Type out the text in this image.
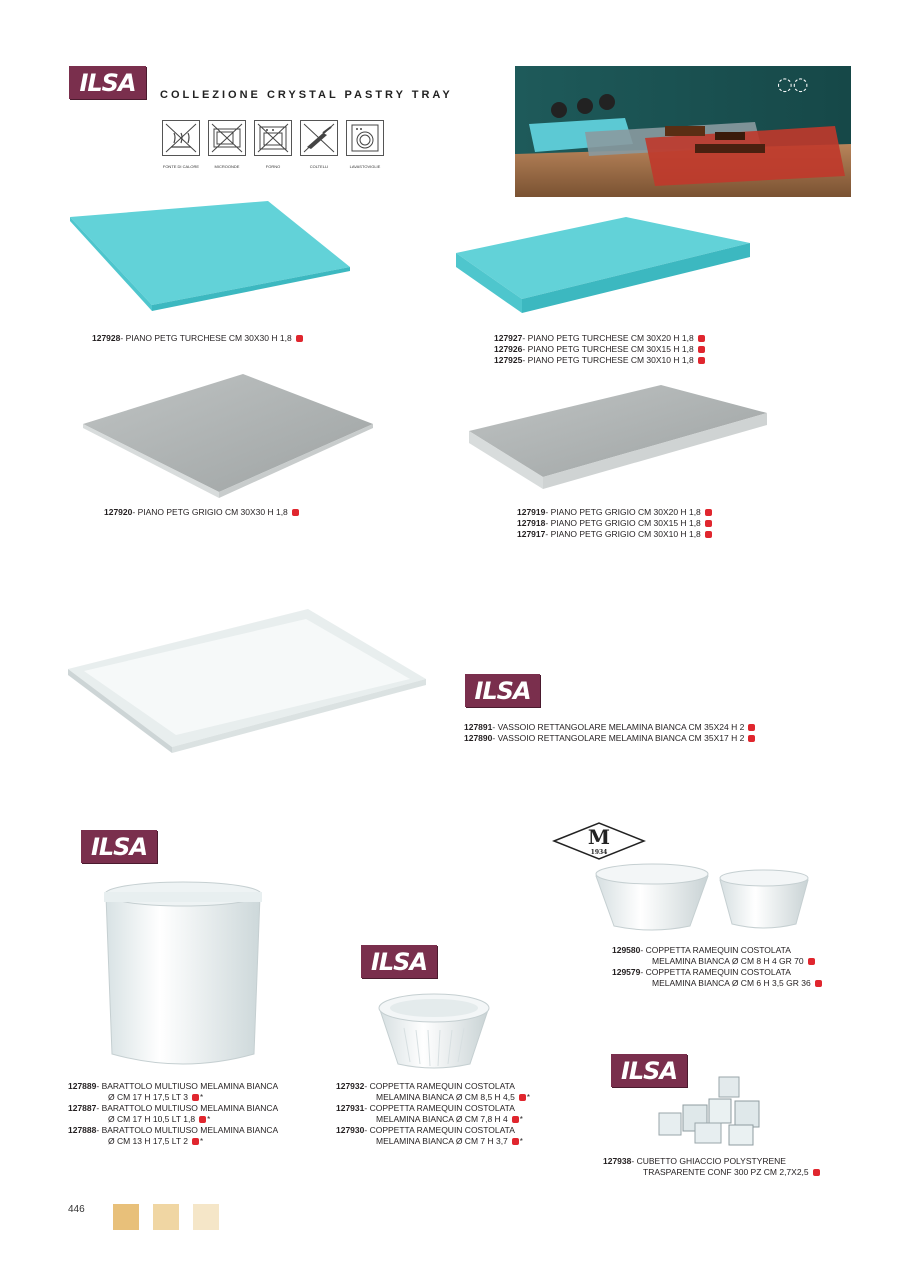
ILSA COLLEZIONE CRYSTAL PASTRY TRAY
FONTE DI CALORE	MICROONDE	FORNO	COLTELLI	LAVASTOVIGLIE
◌◌
127928 - PIANO PETG TURCHESE CM 30X30 H 1,8	127927 - PIANO PETG TURCHESE CM 30X20 H 1,8
127926 - PIANO PETG TURCHESE CM 30X15 H 1,8
127925 - PIANO PETG TURCHESE CM 30X10 H 1,8
127920 - PIANO PETG GRIGIO CM 30X30 H 1,8	127919 - PIANO PETG GRIGIO CM 30X20 H 1,8
127918 - PIANO PETG GRIGIO CM 30X15 H 1,8
127917 - PIANO PETG GRIGIO CM 30X10 H 1,8
ILSA
127891 - VASSOIO RETTANGOLARE MELAMINA BIANCA CM 35X24 H 2
127890 - VASSOIO RETTANGOLARE MELAMINA BIANCA CM 35X17 H 2
ILSA
ILSA
M
1934
129580 - COPPETTA RAMEQUIN COSTOLATA
MELAMINA BIANCA Ø CM 8 H 4 GR 70
129579 - COPPETTA RAMEQUIN COSTOLATA
MELAMINA BIANCA Ø CM 6 H 3,5 GR 36
ILSA
127889 - BARATTOLO MULTIUSO MELAMINA BIANCA
Ø CM 17 H 17,5 LT 3 *
127887 - BARATTOLO MULTIUSO MELAMINA BIANCA
Ø CM 17 H 10,5 LT 1,8 *
127888 - BARATTOLO MULTIUSO MELAMINA BIANCA
Ø CM 13 H 17,5 LT 2 *
127932 - COPPETTA RAMEQUIN COSTOLATA
MELAMINA BIANCA Ø CM 8,5 H 4,5 *
127931 - COPPETTA RAMEQUIN COSTOLATA
MELAMINA BIANCA Ø CM 7,8 H 4 *
127930 - COPPETTA RAMEQUIN COSTOLATA
MELAMINA BIANCA Ø CM 7 H 3,7 *
127938 - CUBETTO GHIACCIO POLYSTYRENE
TRASPARENTE CONF 300 PZ CM 2,7X2,5
446
